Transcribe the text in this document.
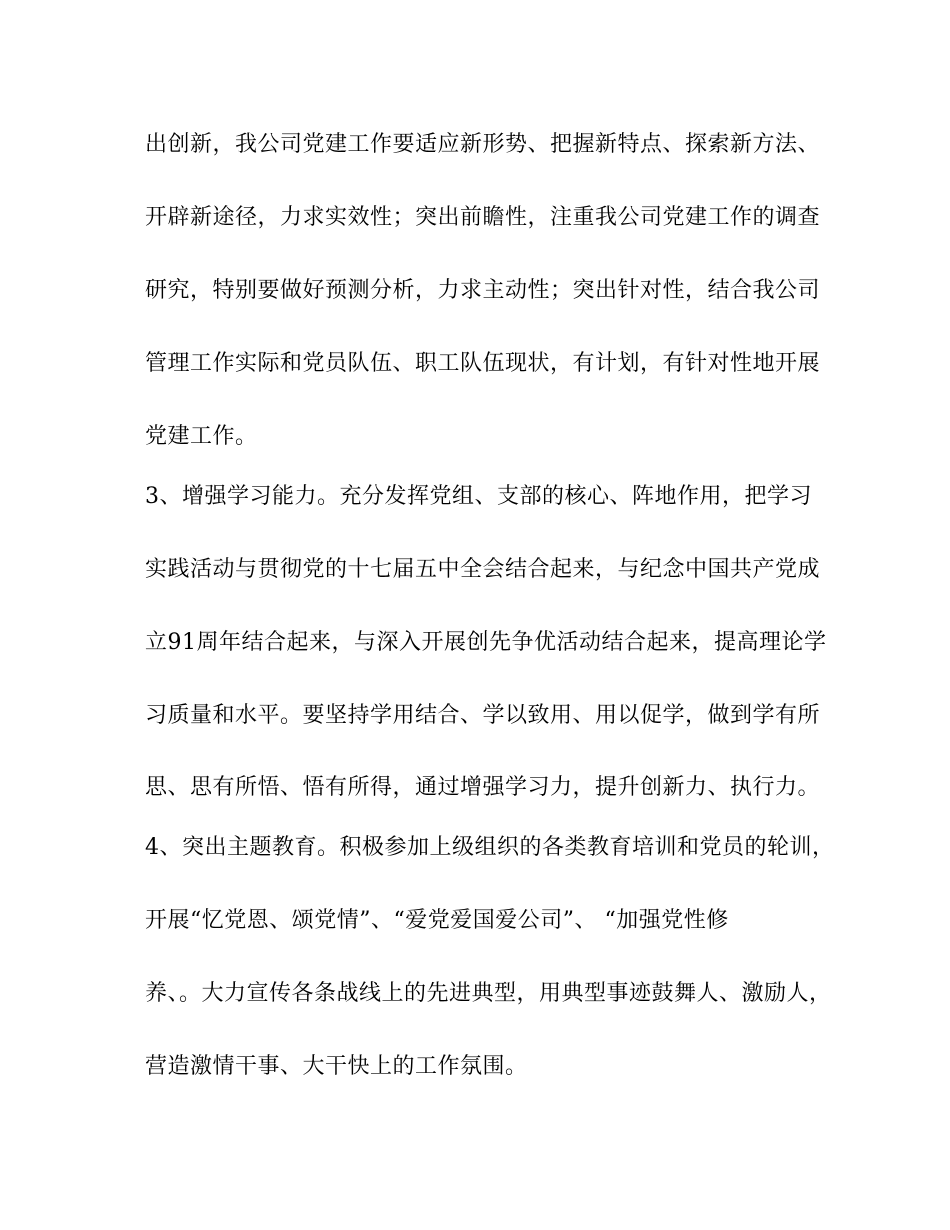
出创新，我公司党建工作要适应新形势、把握新特点、探索新方法、
开辟新途径，力求实效性；突出前瞻性，注重我公司党建工作的调查
研究，特别要做好预测分析，力求主动性；突出针对性，结合我公司
管理工作实际和党员队伍、职工队伍现状，有计划，有针对性地开展
党建工作。
3、增强学习能力。充分发挥党组、支部的核心、阵地作用，把学习
实践活动与贯彻党的十七届五中全会结合起来，与纪念中国共产党成
立91周年结合起来，与深入开展创先争优活动结合起来，提高理论学
习质量和水平。要坚持学用结合、学以致用、用以促学，做到学有所
思、思有所悟、悟有所得，通过增强学习力，提升创新力、执行力。
4、突出主题教育。积极参加上级组织的各类教育培训和党员的轮训，
开展“忆党恩、颂党情”、“爱党爱国爱公司”、 “加强党性修
养、。大力宣传各条战线上的先进典型，用典型事迹鼓舞人、激励人，
营造激情干事、大干快上的工作氛围。
